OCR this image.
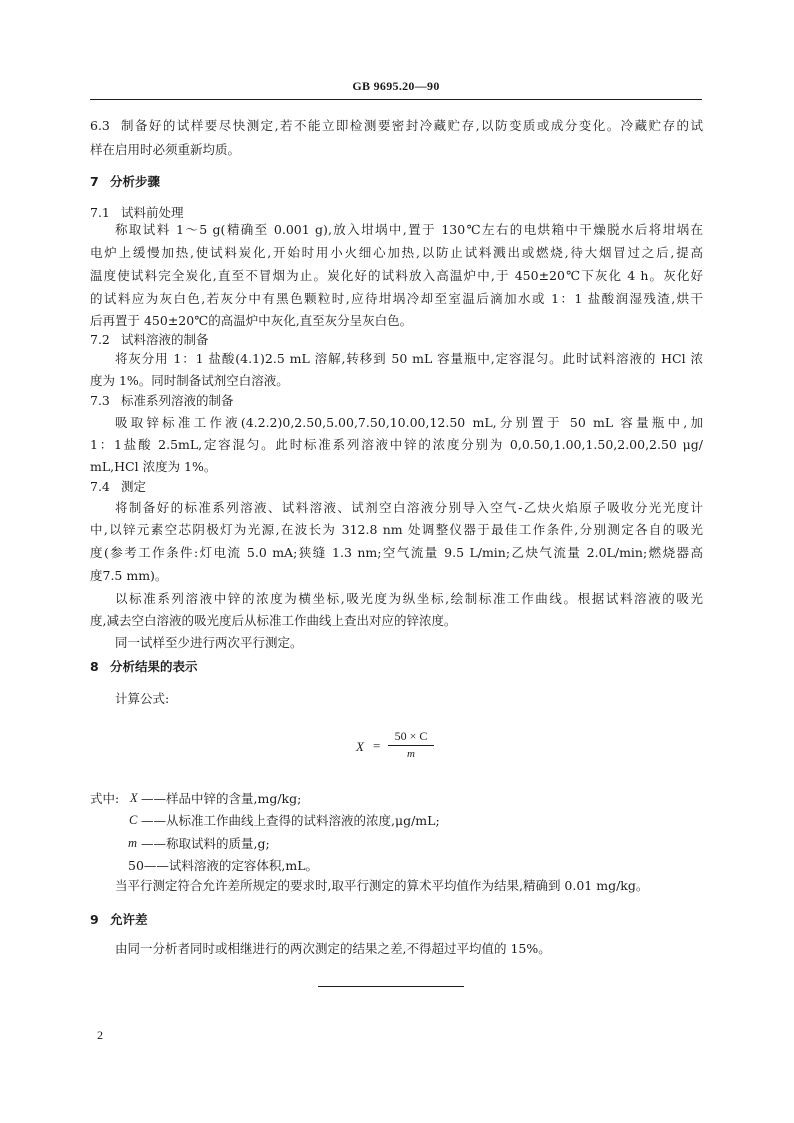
GB 9695.20—90
6.3 制备好的试样要尽快测定,若不能立即检测要密封冷藏贮存,以防变质或成分变化。冷藏贮存的试
样在启用时必须重新均质。
7 分析步骤
7.1 试料前处理
称取试料 1～5 g(精确至 0.001 g),放入坩埚中,置于 130℃左右的电烘箱中干燥脱水后将坩埚在
电炉上缓慢加热,使试料炭化,开始时用小火细心加热,以防止试料溅出或燃烧,待大烟冒过之后,提高
温度使试料完全炭化,直至不冒烟为止。炭化好的试料放入高温炉中,于 450±20℃下灰化 4 h。灰化好
的试料应为灰白色,若灰分中有黑色颗粒时,应待坩埚冷却至室温后滴加水或 1：1 盐酸润湿残渣,烘干
后再置于 450±20℃的高温炉中灰化,直至灰分呈灰白色。
7.2 试料溶液的制备
将灰分用 1：1 盐酸(4.1)2.5 mL 溶解,转移到 50 mL 容量瓶中,定容混匀。此时试料溶液的 HCl 浓
度为 1%。同时制备试剂空白溶液。
7.3 标准系列溶液的制备
吸取锌标准工作液(4.2.2)0,2.50,5.00,7.50,10.00,12.50 mL,分别置于 50 mL 容量瓶中,加
1：1盐酸 2.5mL,定容混匀。此时标准系列溶液中锌的浓度分别为 0,0.50,1.00,1.50,2.00,2.50 μg/
mL,HCl 浓度为 1%。
7.4 测定
将制备好的标准系列溶液、试料溶液、试剂空白溶液分别导入空气-乙炔火焰原子吸收分光光度计
中,以锌元素空芯阴极灯为光源,在波长为 312.8 nm 处调整仪器于最佳工作条件,分别测定各自的吸光
度(参考工作条件:灯电流 5.0 mA;狭缝 1.3 nm;空气流量 9.5 L/min;乙炔气流量 2.0L/min;燃烧器高
度7.5 mm)。
以标准系列溶液中锌的浓度为横坐标,吸光度为纵坐标,绘制标准工作曲线。根据试料溶液的吸光
度,减去空白溶液的吸光度后从标准工作曲线上查出对应的锌浓度。
同一试样至少进行两次平行测定。
8 分析结果的表示
计算公式:
X =
50 × C
m
式中: X ——样品中锌的含量,mg/kg;
C ——从标准工作曲线上查得的试料溶液的浓度,μg/mL;
m ——称取试料的质量,g;
50——试料溶液的定容体积,mL。
当平行测定符合允许差所规定的要求时,取平行测定的算术平均值作为结果,精确到 0.01 mg/kg。
9 允许差
由同一分析者同时或相继进行的两次测定的结果之差,不得超过平均值的 15%。
2
